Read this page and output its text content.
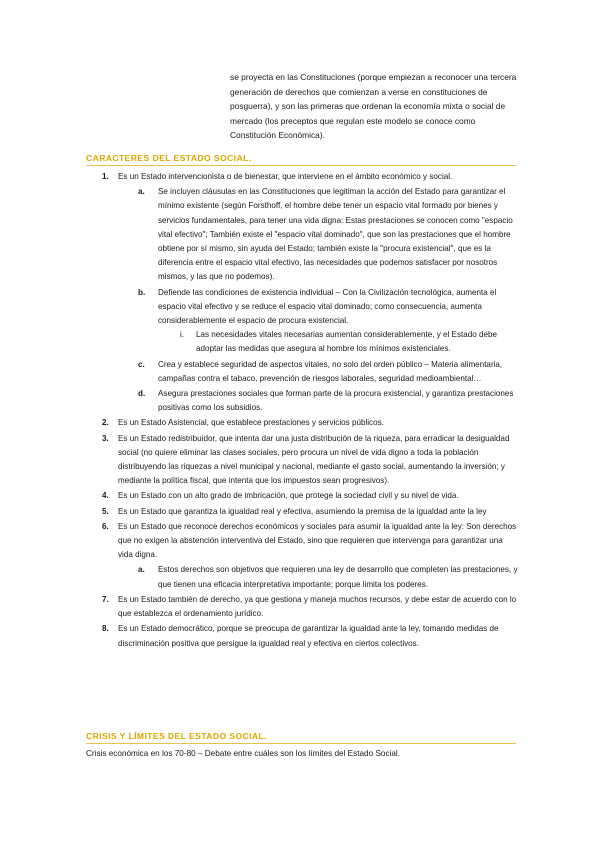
se proyecta en las Constituciones (porque empiezan a reconocer una tercera generación de derechos que comienzan a verse en constituciones de posguerra), y son las primeras que ordenan la economía mixta o social de mercado (los preceptos que regulan este modelo se conoce como Constitución Económica).

CARACTERES DEL ESTADO SOCIAL.
1. Es un Estado intervencionista o de bienestar, que interviene en el ámbito económico y social.
a. Se incluyen cláusulas en las Constituciones que legitiman la acción del Estado para garantizar el mínimo existente (según Forsthoff, el hombre debe tener un espacio vital formado por bienes y servicios fundamentales, para tener una vida digna: Estas prestaciones se conocen como "espacio vital efectivo"; También existe el "espacio vital dominado", que son las prestaciones que el hombre obtiene por sí mismo, sin ayuda del Estado; también existe la "procura existencial", que es la diferencia entre el espacio vital efectivo, las necesidades que podemos satisfacer por nosotros mismos, y las que no podemos).
b. Defiende las condiciones de existencia individual – Con la Civilización tecnológica, aumenta el espacio vital efectivo y se reduce el espacio vital dominado; como consecuencia, aumenta considerablemente el espacio de procura existencial.
i. Las necesidades vitales necesarias aumentan considerablemente, y el Estado debe adoptar las medidas que asegura al hombre los mínimos existenciales.
c. Crea y establece seguridad de aspectos vitales, no solo del orden público – Materia alimentaria, campañas contra el tabaco, prevención de riesgos laborales, seguridad medioambiental…
d. Asegura prestaciones sociales que forman parte de la procura existencial, y garantiza prestaciones positivas como los subsidios.
2. Es un Estado Asistencial, que establece prestaciones y servicios públicos.
3. Es un Estado redistribuidor, que intenta dar una justa distribución de la riqueza, para erradicar la desigualdad social (no quiere eliminar las clases sociales, pero procura un nivel de vida digno a toda la población distribuyendo las riquezas a nivel municipal y nacional, mediante el gasto social, aumentando la inversión; y mediante la política fiscal, que intenta que los impuestos sean progresivos).
4. Es un Estado con un alto grado de imbricación, que protege la sociedad civil y su nivel de vida.
5. Es un Estado que garantiza la igualdad real y efectiva, asumiendo la premisa de la igualdad ante la ley
6. Es un Estado que reconoce derechos económicos y sociales para asumir la igualdad ante la ley: Son derechos que no exigen la abstención interventiva del Estado, sino que requieren que intervenga para garantizar una vida digna.
a. Estos derechos son objetivos que requieren una ley de desarrollo que completen las prestaciones, y que tienen una eficacia interpretativa importante; porque limita los poderes.
7. Es un Estado también de derecho, ya que gestiona y maneja muchos recursos, y debe estar de acuerdo con lo que establezca el ordenamiento jurídico.
8. Es un Estado democrático, porque se preocupa de garantizar la igualdad ante la ley, tomando medidas de discriminación positiva que persigue la igualdad real y efectiva en ciertos colectivos.
CRISIS Y LÍMITES DEL ESTADO SOCIAL.

Crisis económica en los 70-80 – Debate entre cuáles son los límites del Estado Social.
